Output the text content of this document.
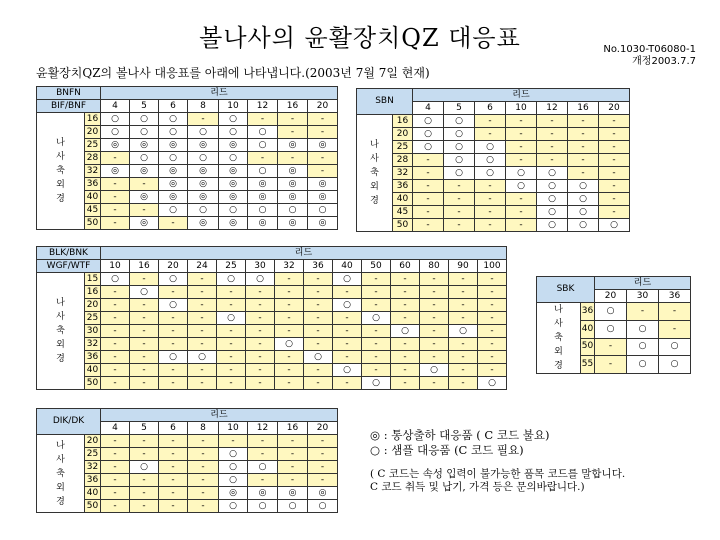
볼나사의 윤활장치QZ 대응표	No.1030-T06080-1
개정2003.7.7
윤활장치QZ의 볼나사 대응표를 아래에 나타냅니다.(2003년 7월 7일 현재)
BNFN		리드							
BIF/BNF		4	5	6	8	10	12	16	20

나
사
축
외
경	16	○	○	○	-	○	-	-	-
	20	○	○	○	○	○	○	-	-
	25	◎	◎	◎	◎	◎	○	◎	◎
	28	-	○	○	○	○	-	-	-
	32	◎	◎	◎	◎	◎	○	◎	-
	36	-	-	◎	◎	◎	◎	◎	◎
	40	-	◎	◎	◎	◎	◎	◎	◎
	45	-	-	○	○	○	○	○	○
	50	-	◎	-	◎	◎	◎	◎	◎
SBN		리드						
		4	5	6	10	12	16	20

나
사
축
외
경	16	○	○	-	-	-	-	-
	20	○	○	-	-	-	-	-
	25	○	○	○	-	-	-	-
	28	-	○	○	-	-	-	-
	32	-	○	○	○	○	-	-
	36	-	-	-	○	○	○	-
	40	-	-	-	-	○	○	-
	45	-	-	-	-	○	○	-
	50	-	-	-	-	○	○	○
BLK/BNK		리드													
WGF/WTF		10	16	20	24	25	30	32	36	40	50	60	80	90	100

나
사
축
외
경	15	○	-	○	-	○	○	-	-	○	-	-	-	-	-
	16	-	○	-	-	-	-	-	-	-	-	-	-	-	-
	20	-	-	○	-	-	-	-	-	○	-	-	-	-	-
	25	-	-	-	-	○	-	-	-	-	○	-	-	-	-
	30	-	-	-	-	-	-	-	-	-	-	○	-	○	-
	32	-	-	-	-	-	-	○	-	-	-	-	-	-	-
	36	-	-	○	○	-	-	-	○	-	-	-	-	-	-
	40	-	-	-	-	-	-	-	-	○	-	-	○	-	-
	50	-	-	-	-	-	-	-	-	-	○	-	-	-	○
SBK		리드		
		20	30	36

나
사
축
외
경	36	○	-	-
	40	○	○	-
	50	-	○	○
	55	-	○	○
DIK/DK		리드							
		4	5	6	8	10	12	16	20

나
사
축
외
경	20	-	-	-	-	-	-	-	-
	25	-	-	-	-	○	-	-	-
	32	-	○	-	-	○	○	-	-
	36	-	-	-	-	○	-	-	-
	40	-	-	-	-	◎	◎	◎	◎
	50	-	-	-	-	○	○	○	○

◎ : 통상출하 대응품 ( C 코드 불요)

○ : 샘플 대응품 (C 코드 필요)

( C 코드는 속성 입력이 불가능한 품목 코드를 말합니다.
C 코드 취득 및 납기, 가격 등은 문의바랍니다.)
